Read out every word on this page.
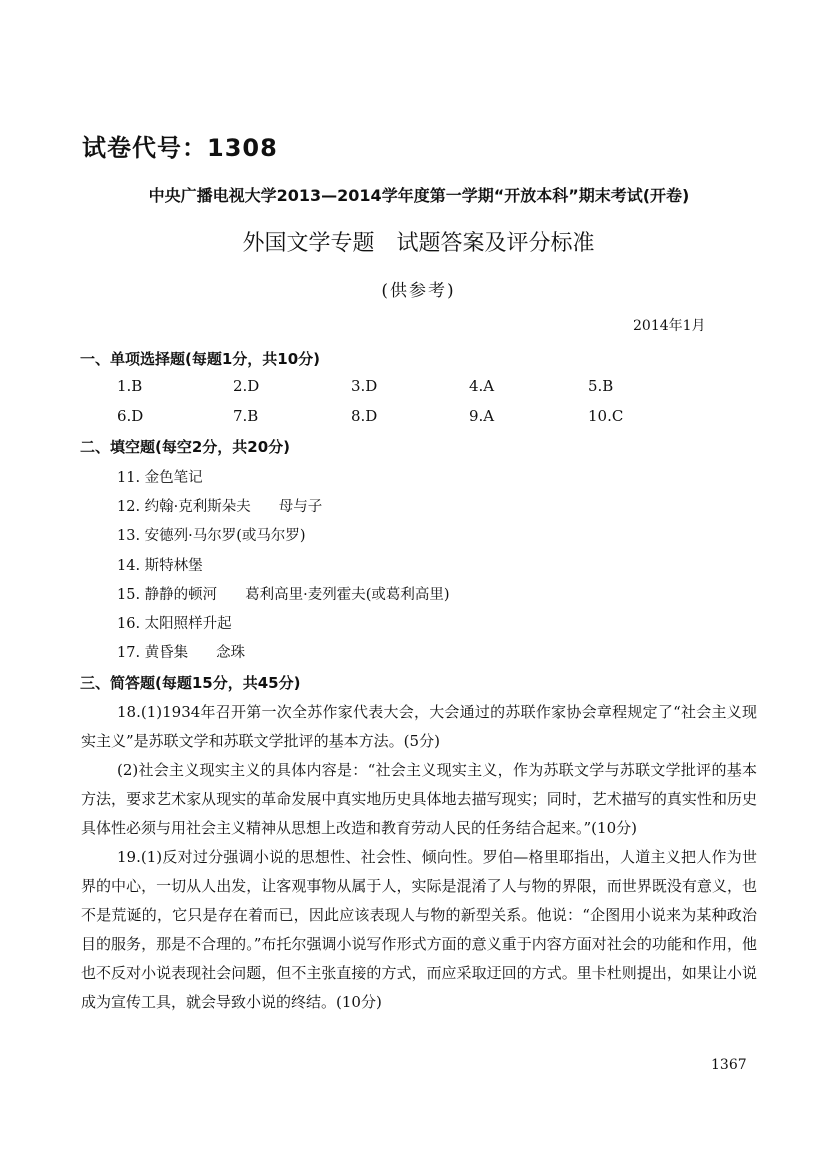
试卷代号：1308
中央广播电视大学2013—2014学年度第一学期“开放本科”期末考试(开卷)
外国文学专题 试题答案及评分标准
(供参考)
2014年1月
一、单项选择题(每题1分，共10分)
1.B	2.D	3.D	4.A	5.B
6.D	7.B	8.D	9.A	10.C
二、填空题(每空2分，共20分)
11. 金色笔记
12. 约翰·克利斯朵夫 母与子
13. 安德列·马尔罗(或马尔罗)
14. 斯特林堡
15. 静静的顿河 葛利高里·麦列霍夫(或葛利高里)
16. 太阳照样升起
17. 黄昏集 念珠
三、简答题(每题15分，共45分)

18.(1)1934年召开第一次全苏作家代表大会，大会通过的苏联作家协会章程规定了“社会主义现实主义”是苏联文学和苏联文学批评的基本方法。(5分)

(2)社会主义现实主义的具体内容是：“社会主义现实主义，作为苏联文学与苏联文学批评的基本方法，要求艺术家从现实的革命发展中真实地历史具体地去描写现实；同时，艺术描写的真实性和历史具体性必须与用社会主义精神从思想上改造和教育劳动人民的任务结合起来。”(10分)

19.(1)反对过分强调小说的思想性、社会性、倾向性。罗伯—格里耶指出，人道主义把人作为世界的中心，一切从人出发，让客观事物从属于人，实际是混淆了人与物的界限，而世界既没有意义，也不是荒诞的，它只是存在着而已，因此应该表现人与物的新型关系。他说：“企图用小说来为某种政治目的服务，那是不合理的。”布托尔强调小说写作形式方面的意义重于内容方面对社会的功能和作用，他也不反对小说表现社会问题，但不主张直接的方式，而应采取迂回的方式。里卡杜则提出，如果让小说成为宣传工具，就会导致小说的终结。(10分)

1367
